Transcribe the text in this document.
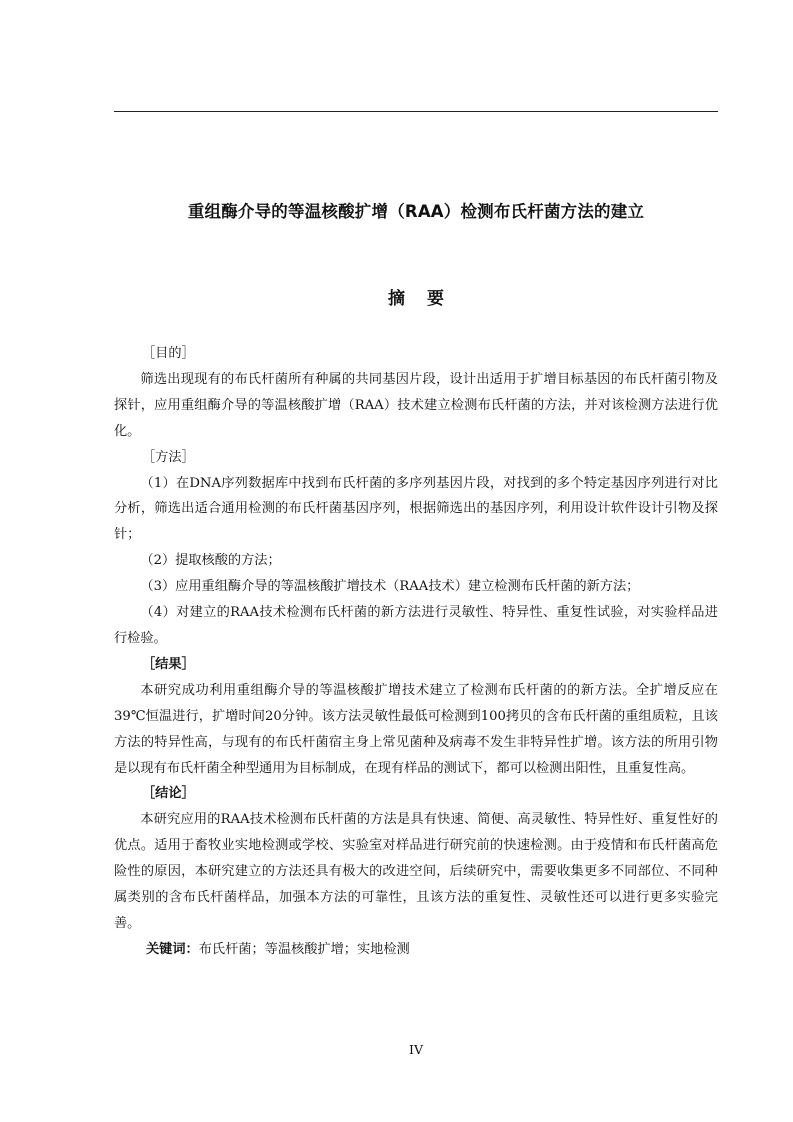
重组酶介导的等温核酸扩增（RAA）检测布氏杆菌方法的建立
摘 要

［目的］

筛选出现现有的布氏杆菌所有种属的共同基因片段，设计出适用于扩增目标基因的布氏杆菌引物及探针，应用重组酶介导的等温核酸扩增（RAA）技术建立检测布氏杆菌的方法，并对该检测方法进行优化。

［方法］

（1）在DNA序列数据库中找到布氏杆菌的多序列基因片段，对找到的多个特定基因序列进行对比分析，筛选出适合通用检测的布氏杆菌基因序列，根据筛选出的基因序列，利用设计软件设计引物及探针；

（2）提取核酸的方法；

（3）应用重组酶介导的等温核酸扩增技术（RAA技术）建立检测布氏杆菌的新方法；

（4）对建立的RAA技术检测布氏杆菌的新方法进行灵敏性、特异性、重复性试验，对实验样品进行检验。

［结果］

本研究成功利用重组酶介导的等温核酸扩增技术建立了检测布氏杆菌的的新方法。全扩增反应在39℃恒温进行，扩增时间20分钟。该方法灵敏性最低可检测到100拷贝的含布氏杆菌的重组质粒，且该方法的特异性高，与现有的布氏杆菌宿主身上常见菌种及病毒不发生非特异性扩增。该方法的所用引物是以现有布氏杆菌全种型通用为目标制成，在现有样品的测试下，都可以检测出阳性，且重复性高。

［结论］

本研究应用的RAA技术检测布氏杆菌的方法是具有快速、简便、高灵敏性、特异性好、重复性好的优点。适用于畜牧业实地检测或学校、实验室对样品进行研究前的快速检测。由于疫情和布氏杆菌高危险性的原因，本研究建立的方法还具有极大的改进空间，后续研究中，需要收集更多不同部位、不同种属类别的含布氏杆菌样品，加强本方法的可靠性，且该方法的重复性、灵敏性还可以进行更多实验完善。

关键词：布氏杆菌；等温核酸扩增；实地检测

IV
